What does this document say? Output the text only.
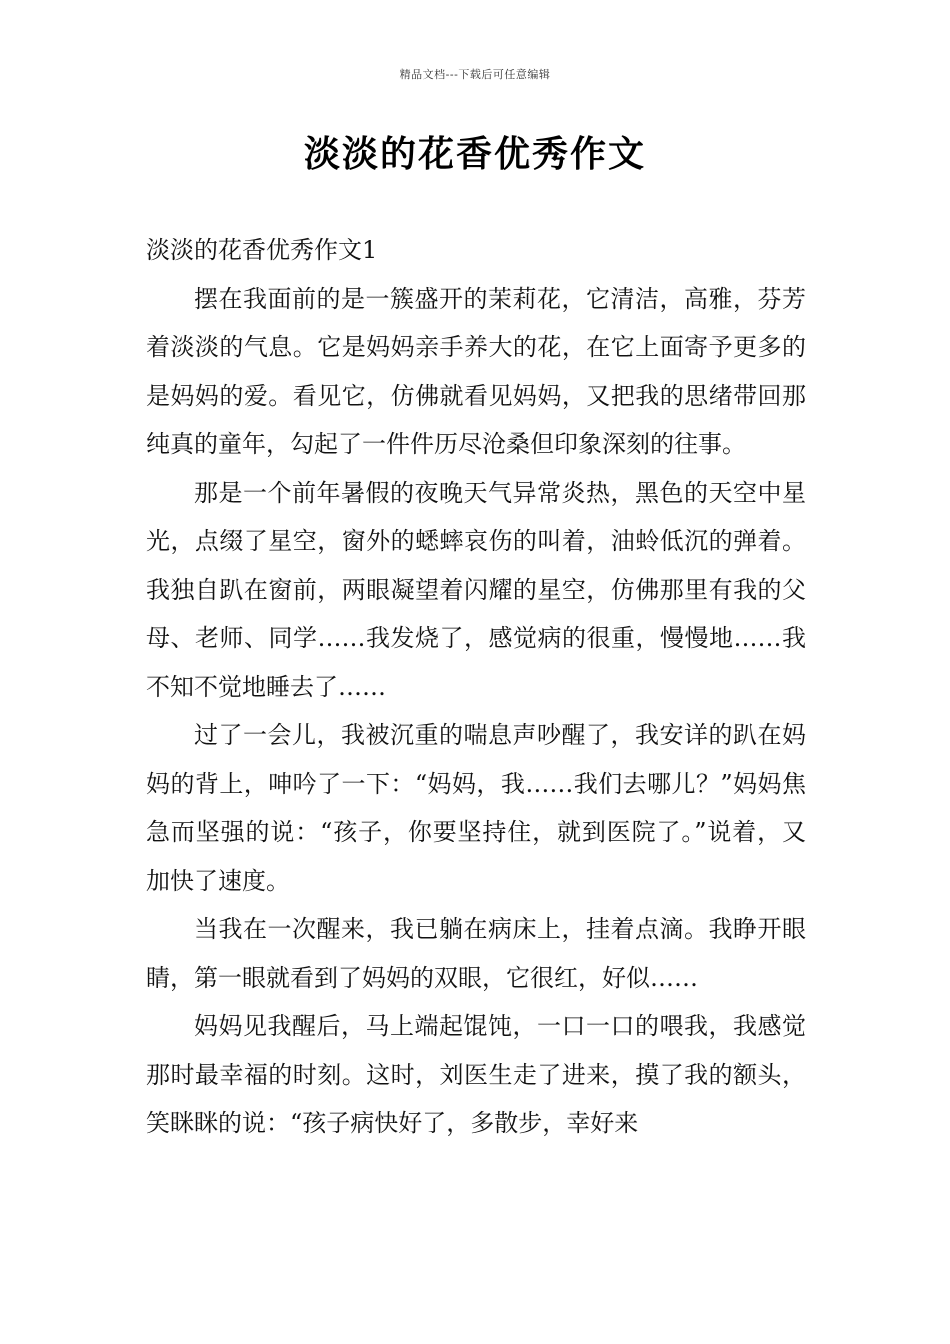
精品文档---下载后可任意编辑
淡淡的花香优秀作文
淡淡的花香优秀作文1

摆在我面前的是一簇盛开的茉莉花，它清洁，高雅，芬芳着淡淡的气息。它是妈妈亲手养大的花，在它上面寄予更多的是妈妈的爱。看见它，仿佛就看见妈妈，又把我的思绪带回那纯真的童年，勾起了一件件历尽沧桑但印象深刻的往事。

那是一个前年暑假的夜晚天气异常炎热，黑色的天空中星光，点缀了星空，窗外的蟋蟀哀伤的叫着，油蛉低沉的弹着。我独自趴在窗前，两眼凝望着闪耀的星空，仿佛那里有我的父母、老师、同学……我发烧了，感觉病的很重，慢慢地……我不知不觉地睡去了……

过了一会儿，我被沉重的喘息声吵醒了，我安详的趴在妈妈的背上，呻吟了一下：“妈妈，我……我们去哪儿？”妈妈焦急而坚强的说：“孩子，你要坚持住，就到医院了。”说着，又加快了速度。

当我在一次醒来，我已躺在病床上，挂着点滴。我睁开眼睛，第一眼就看到了妈妈的双眼，它很红，好似……

妈妈见我醒后，马上端起馄饨，一口一口的喂我，我感觉那时最幸福的时刻。这时，刘医生走了进来，摸了我的额头，笑眯眯的说：“孩子病快好了，多散步，幸好来
